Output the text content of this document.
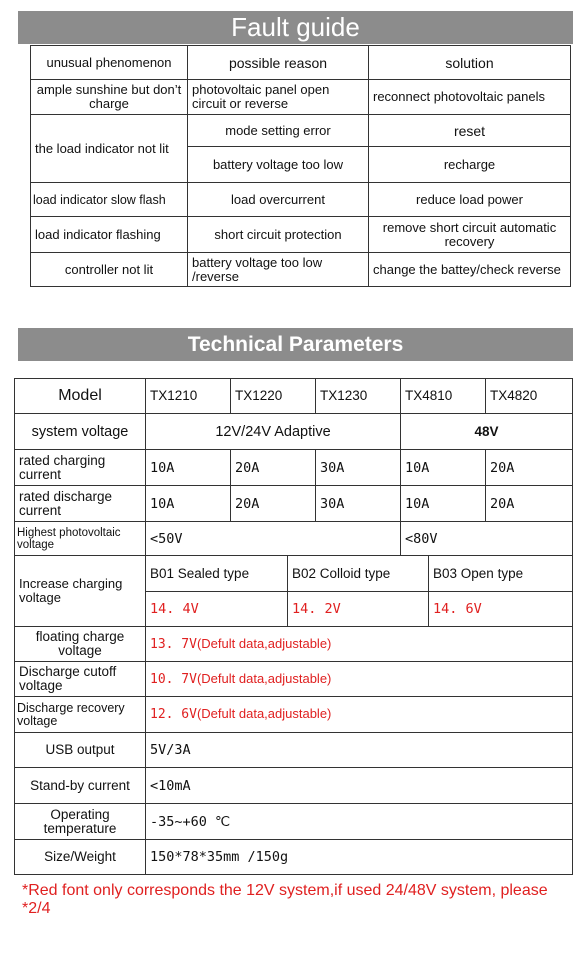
Fault guide
unusual phenomenon	possible reason	solution
ample sunshine but don’t charge	photovoltaic panel open circuit or reverse	reconnect photovoltaic panels
the load indicator not lit	mode setting error	reset
	battery voltage too low	recharge
load indicator slow flash	load overcurrent	reduce load power
load indicator flashing	short circuit protection	remove short circuit automatic recovery
controller not lit	battery voltage too low /reverse	change the battey/check reverse
Technical Parameters
Model	TX1210	TX1220		TX1230	TX4810		TX4820
system voltage	12V/24V Adaptive				48V		
rated charging current	10A	20A		30A	10A		20A
rated discharge current	10A	20A		30A	10A		20A
Highest photovoltaic voltage	<50V				<80V		
Increase charging voltage	B01 Sealed type		B02 Colloid type			B03 Open type	
	14. 4V		14. 2V			14. 6V	
floating charge voltage	13. 7V(Defult data,adjustable)						
Discharge cutoff voltage	10. 7V(Defult data,adjustable)						
Discharge recovery voltage	12. 6V(Defult data,adjustable)						
USB output	5V/3A						
Stand-by current	<10mA						
Operating temperature	-35~+60 ℃						
Size/Weight	150*78*35mm /150g						
*Red font only corresponds the 12V system,if used 24/48V system, please *2/4
